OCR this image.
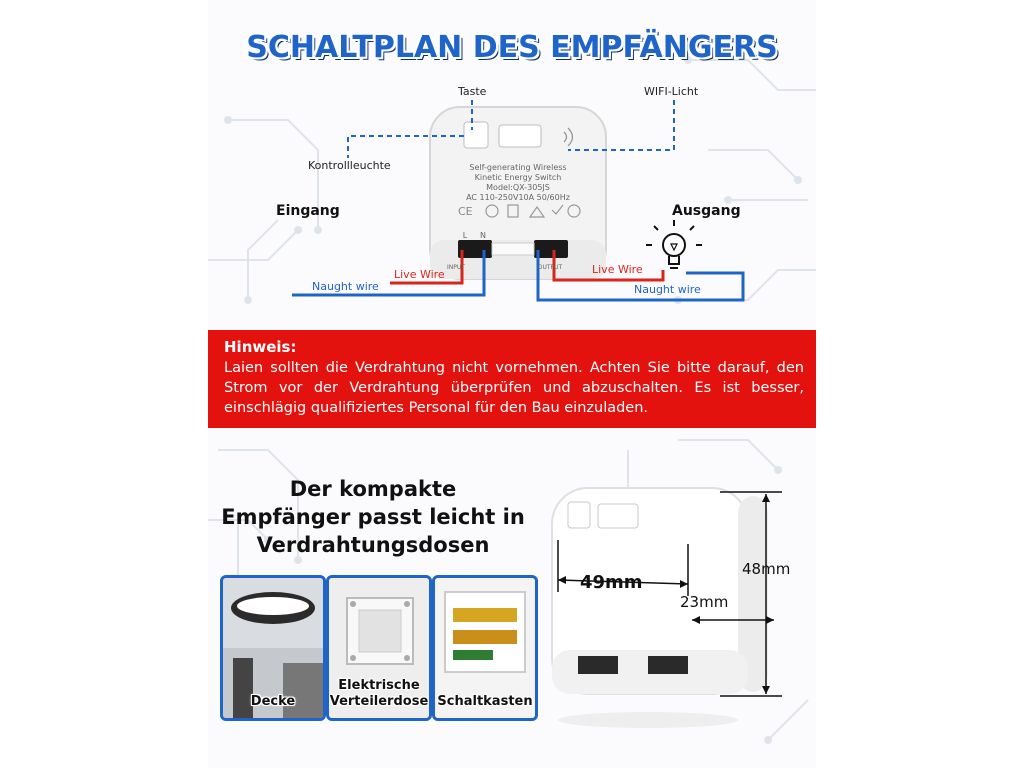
SCHALTPLAN DES EMPFÄNGERS
CE
Self-generating Wireless
Kinetic Energy Switch
Model:QX-305JS
AC 110-250V10A 50/60Hz
L	N
INPUT	OUTPUT
Taste	WIFI-Licht
Kontrollleuchte
Eingang	Ausgang
Live Wire
Naught wire
Live Wire
Naught wire
Hinweis:
Laien sollten die Verdrahtung nicht vornehmen. Achten Sie bitte darauf, den Strom vor der Verdrahtung überprüfen und abzuschalten. Es ist besser, einschlägig qualifiziertes Personal für den Bau einzuladen.
Der kompakte
Empfänger passt leicht in
Verdrahtungsdosen
Decke
Elektrische Verteilerdose Schaltkasten
49mm
23mm
48mm
